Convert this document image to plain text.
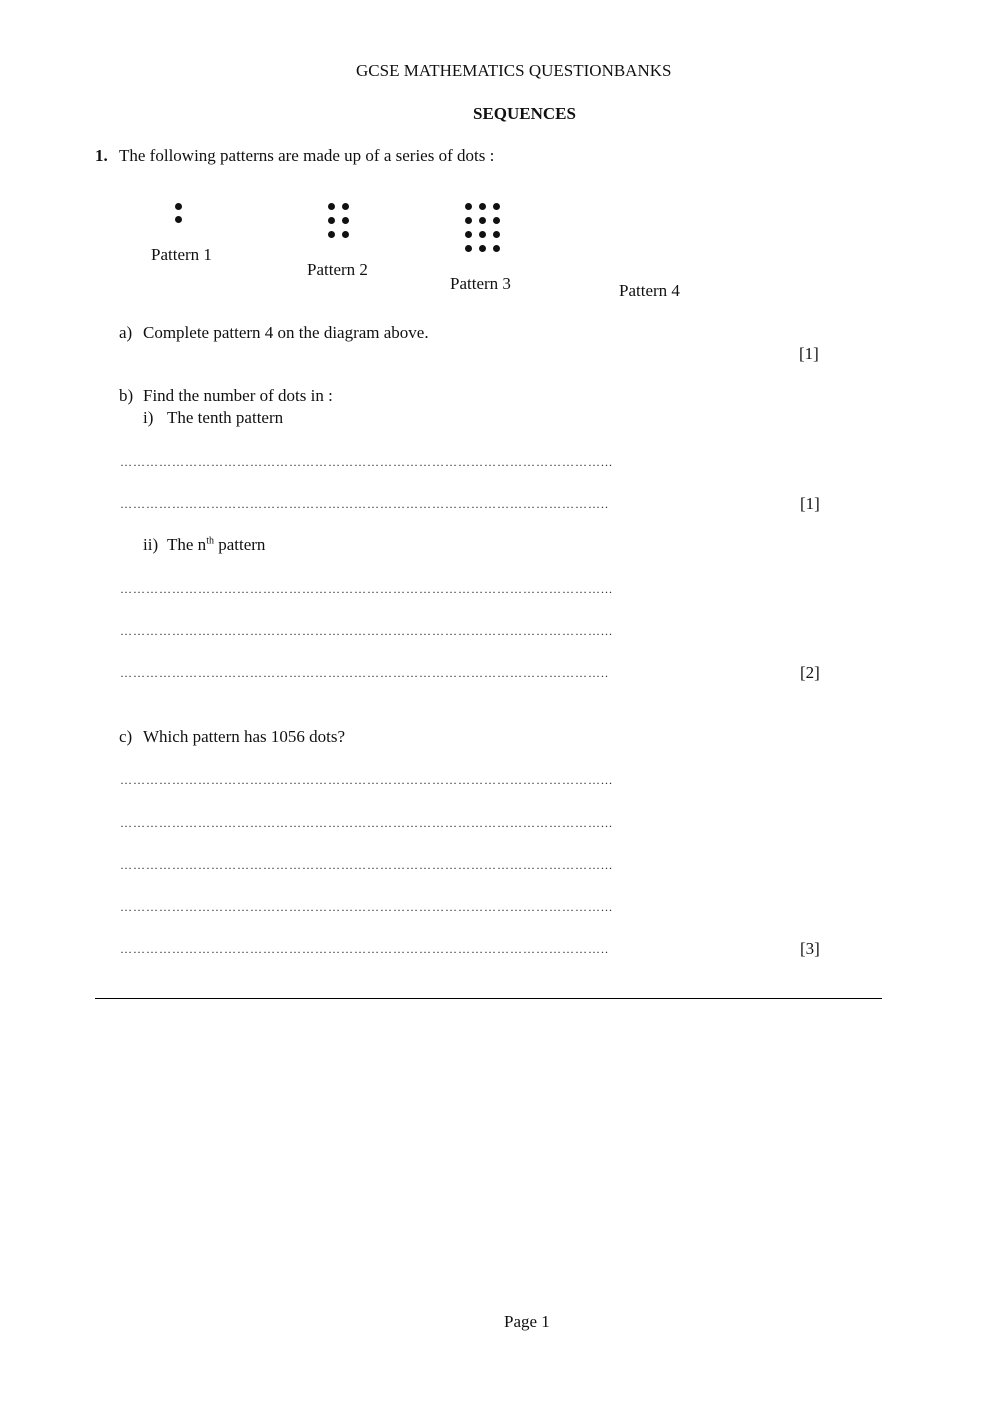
GCSE MATHEMATICS QUESTIONBANKS
SEQUENCES
1. The following patterns are made up of a series of dots :
Pattern 1
Pattern 2
Pattern 3	Pattern 4
a) Complete pattern 4 on the diagram above.
[1]
b) Find the number of dots in :
i) The tenth pattern
…………………………………………………………………………………………………...
…………………………………………………………………………………………………..	[1]
ii) The $n^{th}$ pattern
…………………………………………………………………………………………………...
…………………………………………………………………………………………………...
…………………………………………………………………………………………………..	[2]
c) Which pattern has 1056 dots?
…………………………………………………………………………………………………...
…………………………………………………………………………………………………...
…………………………………………………………………………………………………...
…………………………………………………………………………………………………...
…………………………………………………………………………………………………..	[3]
Page 1
